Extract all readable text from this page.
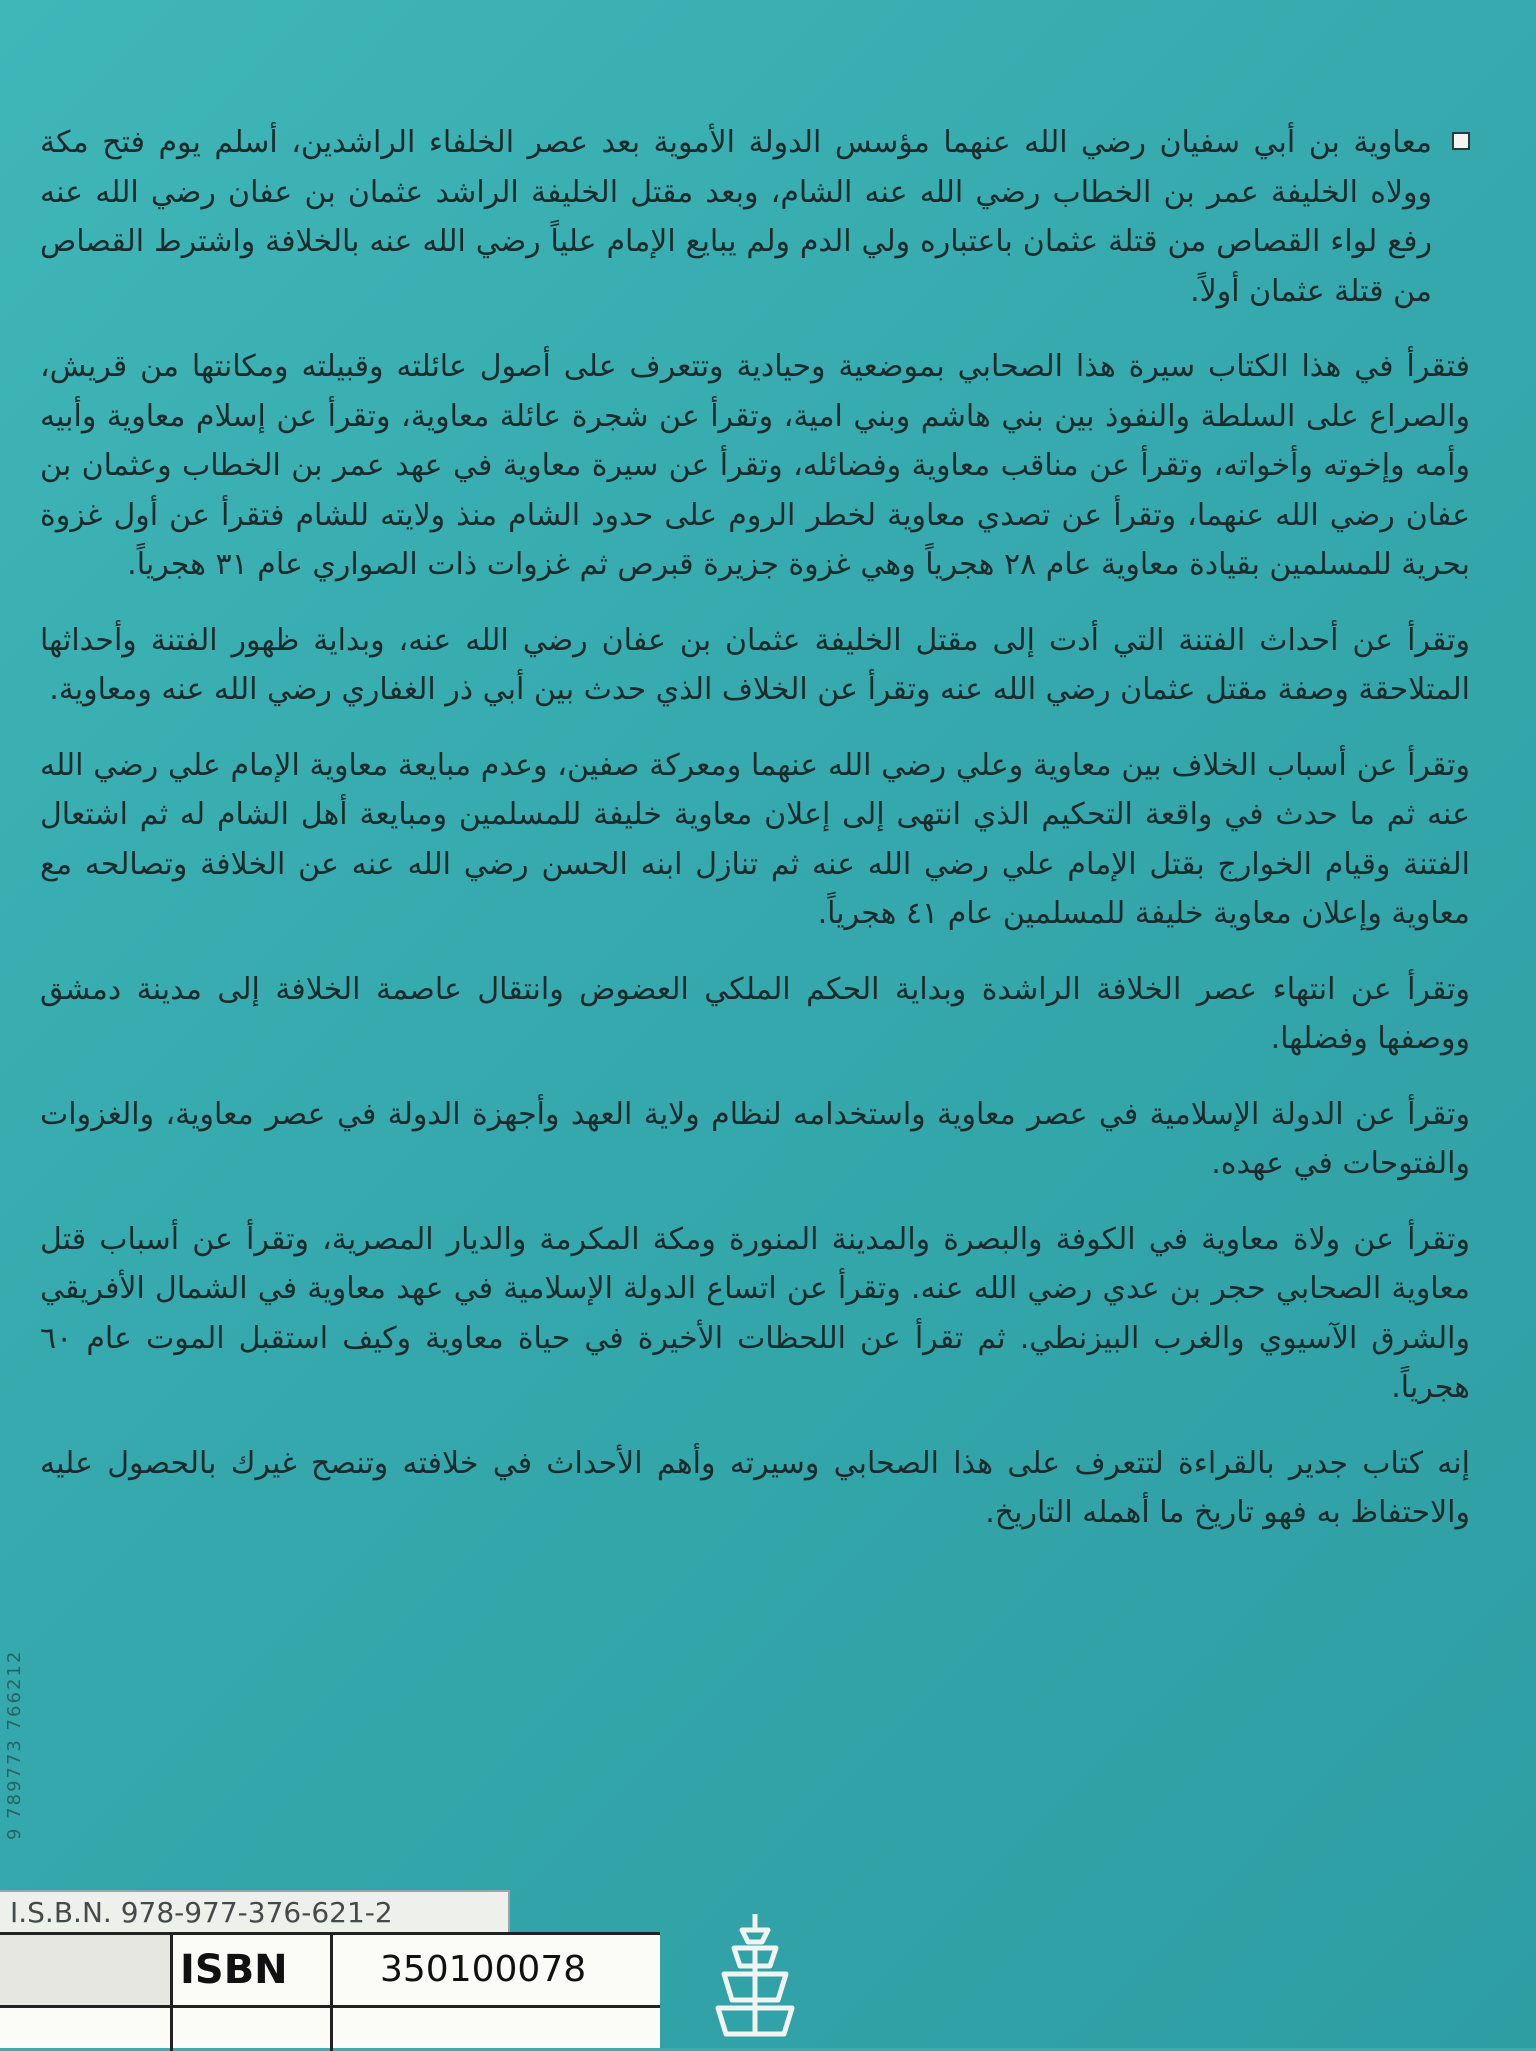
معاوية بن أبي سفيان رضي الله عنهما مؤسس الدولة الأموية بعد عصر الخلفاء الراشدين، أسلم يوم فتح مكة وولاه الخليفة عمر بن الخطاب رضي الله عنه الشام، وبعد مقتل الخليفة الراشد عثمان بن عفان رضي الله عنه رفع لواء القصاص من قتلة عثمان باعتباره ولي الدم ولم يبايع الإمام علياً رضي الله عنه بالخلافة واشترط القصاص من قتلة عثمان أولاً.

فتقرأ في هذا الكتاب سيرة هذا الصحابي بموضعية وحيادية وتتعرف على أصول عائلته وقبيلته ومكانتها من قريش، والصراع على السلطة والنفوذ بين بني هاشم وبني امية، وتقرأ عن شجرة عائلة معاوية، وتقرأ عن إسلام معاوية وأبيه وأمه وإخوته وأخواته، وتقرأ عن مناقب معاوية وفضائله، وتقرأ عن سيرة معاوية في عهد عمر بن الخطاب وعثمان بن عفان رضي الله عنهما، وتقرأ عن تصدي معاوية لخطر الروم على حدود الشام منذ ولايته للشام فتقرأ عن أول غزوة بحرية للمسلمين بقيادة معاوية عام ٢٨ هجرياً وهي غزوة جزيرة قبرص ثم غزوات ذات الصواري عام ٣١ هجرياً.

وتقرأ عن أحداث الفتنة التي أدت إلى مقتل الخليفة عثمان بن عفان رضي الله عنه، وبداية ظهور الفتنة وأحداثها المتلاحقة وصفة مقتل عثمان رضي الله عنه وتقرأ عن الخلاف الذي حدث بين أبي ذر الغفاري رضي الله عنه ومعاوية.

وتقرأ عن أسباب الخلاف بين معاوية وعلي رضي الله عنهما ومعركة صفين، وعدم مبايعة معاوية الإمام علي رضي الله عنه ثم ما حدث في واقعة التحكيم الذي انتهى إلى إعلان معاوية خليفة للمسلمين ومبايعة أهل الشام له ثم اشتعال الفتنة وقيام الخوارج بقتل الإمام علي رضي الله عنه ثم تنازل ابنه الحسن رضي الله عنه عن الخلافة وتصالحه مع معاوية وإعلان معاوية خليفة للمسلمين عام ٤١ هجرياً.

وتقرأ عن انتهاء عصر الخلافة الراشدة وبداية الحكم الملكي العضوض وانتقال عاصمة الخلافة إلى مدينة دمشق ووصفها وفضلها.

وتقرأ عن الدولة الإسلامية في عصر معاوية واستخدامه لنظام ولاية العهد وأجهزة الدولة في عصر معاوية، والغزوات والفتوحات في عهده.

وتقرأ عن ولاة معاوية في الكوفة والبصرة والمدينة المنورة ومكة المكرمة والديار المصرية، وتقرأ عن أسباب قتل معاوية الصحابي حجر بن عدي رضي الله عنه. وتقرأ عن اتساع الدولة الإسلامية في عهد معاوية في الشمال الأفريقي والشرق الآسيوي والغرب البيزنطي. ثم تقرأ عن اللحظات الأخيرة في حياة معاوية وكيف استقبل الموت عام ٦٠ هجرياً.

إنه كتاب جدير بالقراءة لتتعرف على هذا الصحابي وسيرته وأهم الأحداث في خلافته وتنصح غيرك بالحصول عليه والاحتفاظ به فهو تاريخ ما أهمله التاريخ.

9 789773 766212
I.S.B.N. 978-977-376-621-2
ISBN	350100078
